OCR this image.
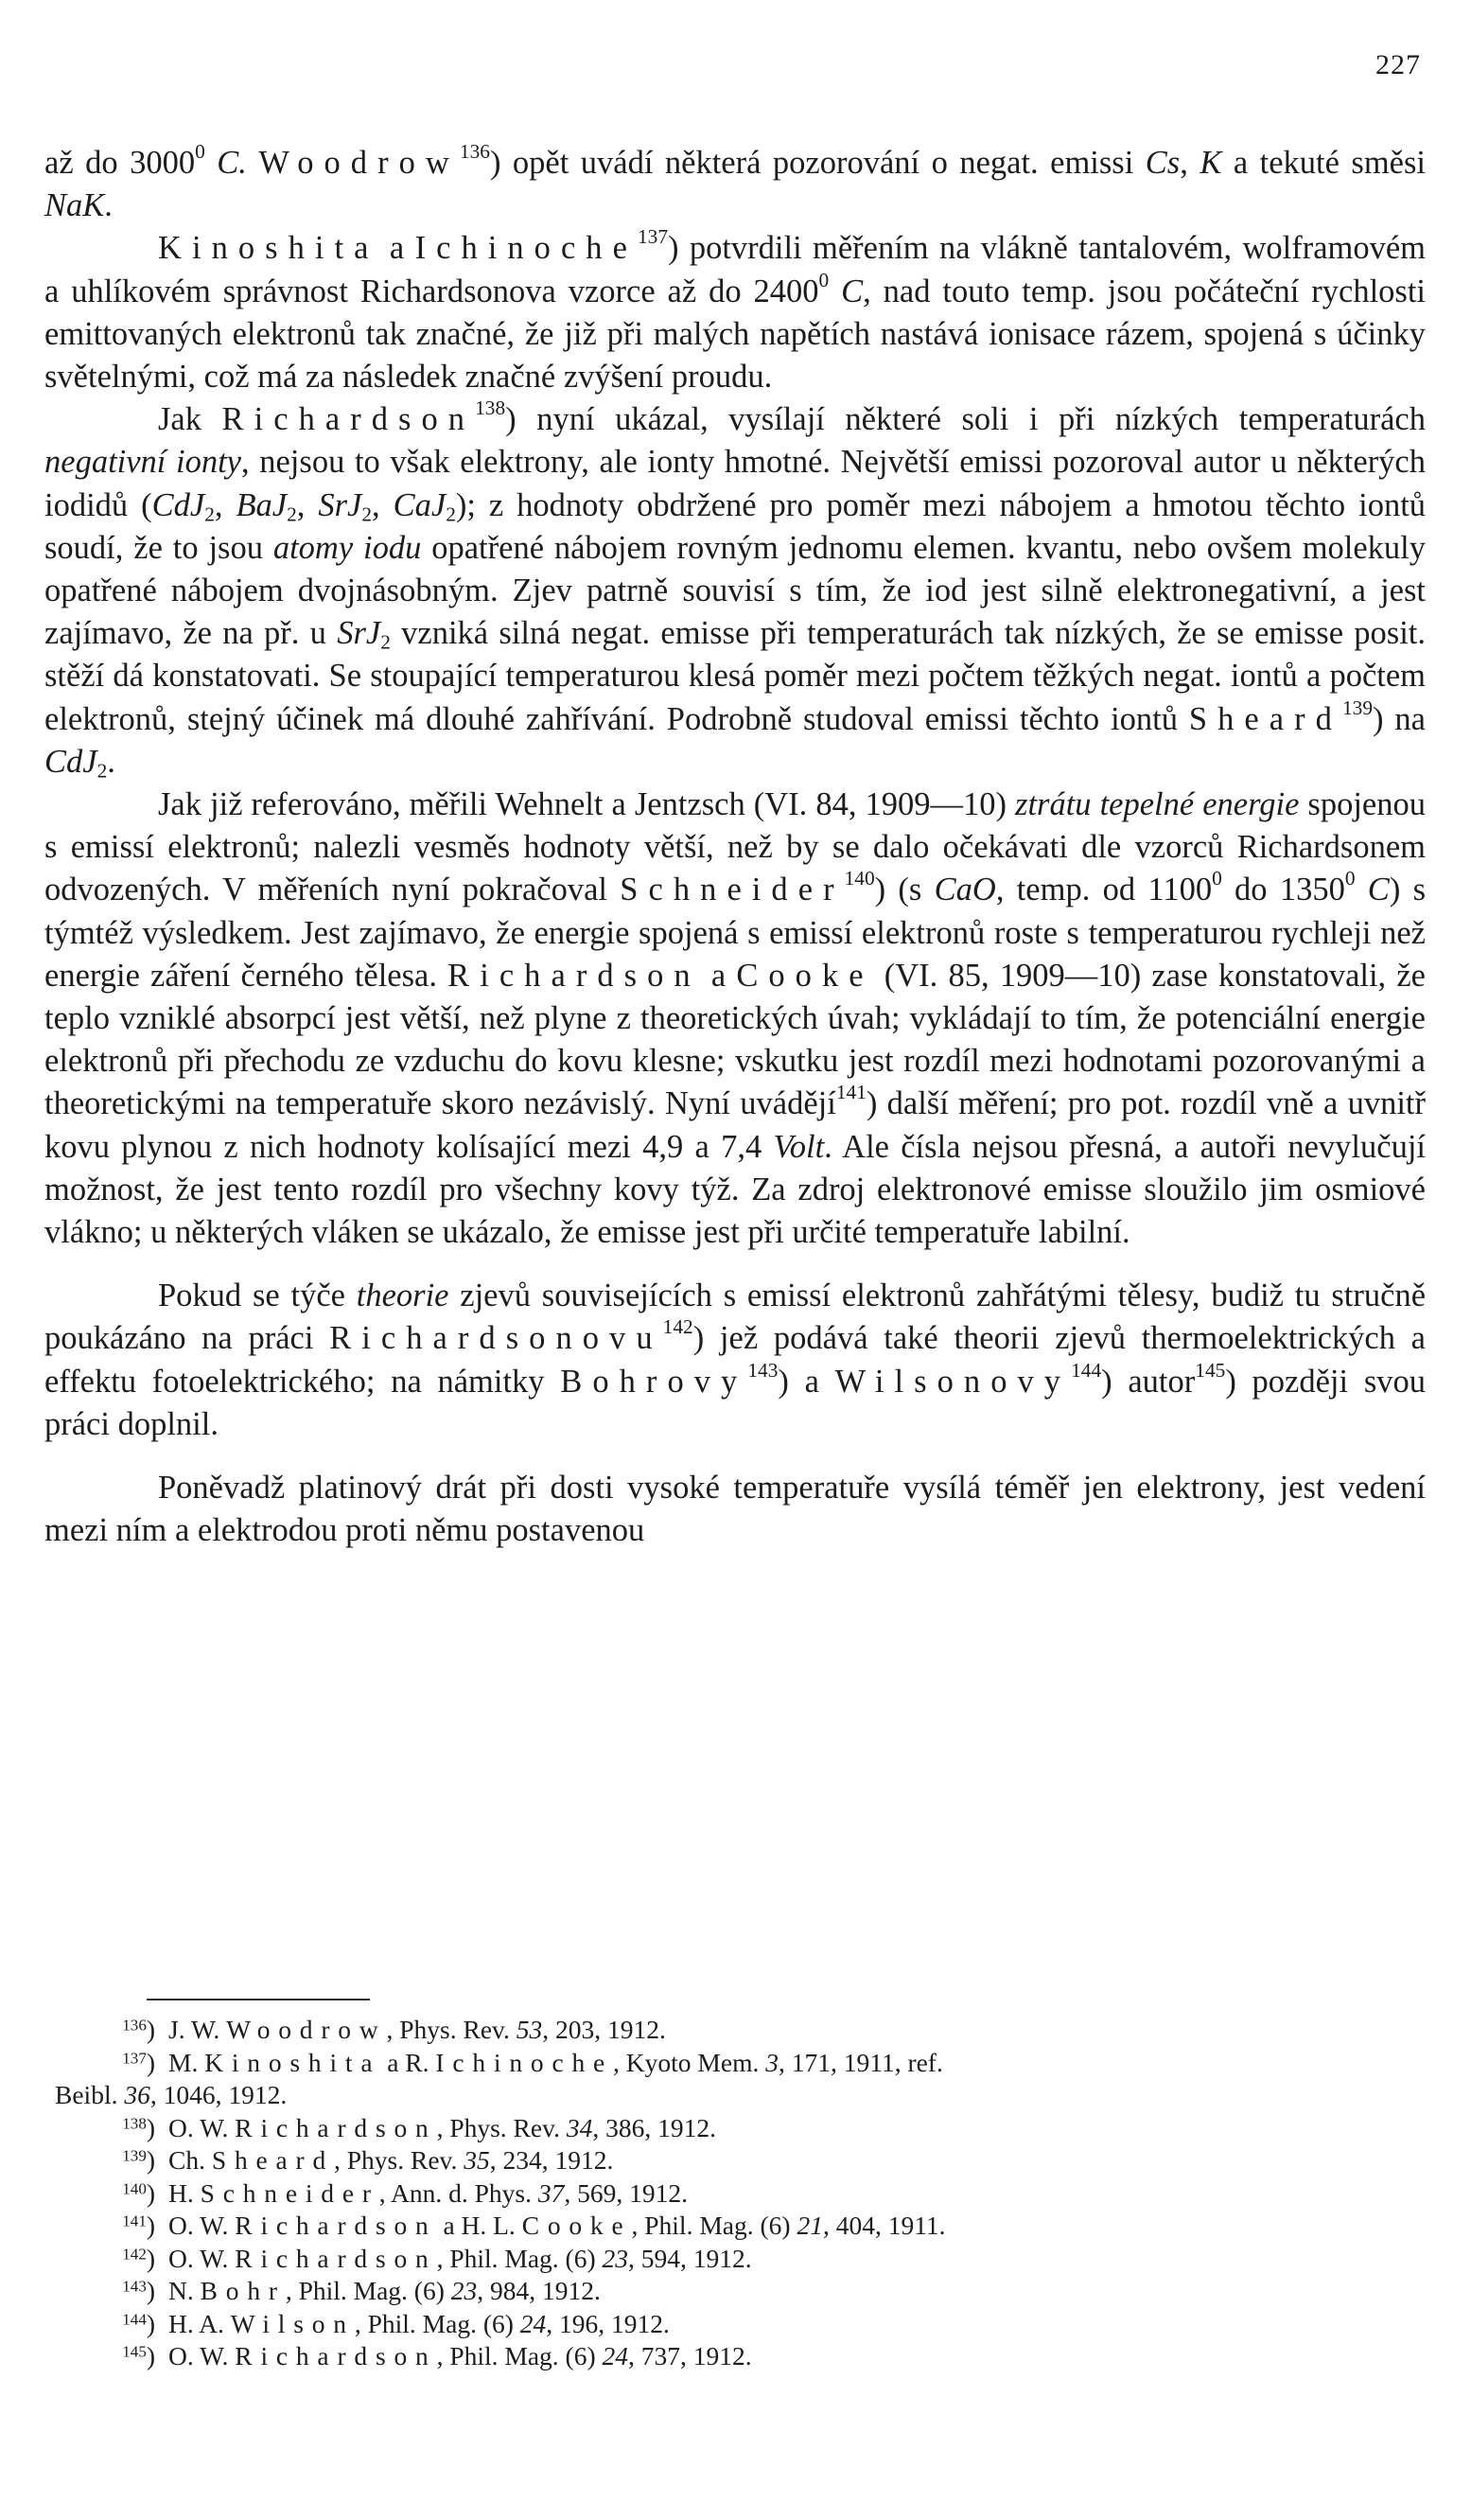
227

až do 3000$^0$ C. Woodrow$^{136}$) opět uvádí některá pozorování o negat. emissi Cs, K a tekuté směsi NaK.

Kinoshita a Ichinoche$^{137}$) potvrdili měřením na vlákně tantalovém, wolframovém a uhlíkovém správnost Richardsonova vzorce až do 2400$^0$ C, nad touto temp. jsou počáteční rychlosti emittovaných elektronů tak značné, že již při malých napětích nastává ionisace rázem, spojená s účinky světelnými, což má za následek značné zvýšení proudu.

Jak Richardson$^{138}$) nyní ukázal, vysílají některé soli i při nízkých temperaturách negativní ionty, nejsou to však elektrony, ale ionty hmotné. Největší emissi pozoroval autor u některých iodidů (CdJ$_2$, BaJ$_2$, SrJ$_2$, CaJ$_2$); z hodnoty obdržené pro poměr mezi nábojem a hmotou těchto iontů soudí, že to jsou atomy iodu opatřené nábojem rovným jednomu elemen. kvantu, nebo ovšem molekuly opatřené nábojem dvojnásobným. Zjev patrně souvisí s tím, že iod jest silně elektronegativní, a jest zajímavo, že na př. u SrJ$_2$ vzniká silná negat. emisse při temperaturách tak nízkých, že se emisse posit. stěží dá konstatovati. Se stoupající temperaturou klesá poměr mezi počtem těžkých negat. iontů a počtem elektronů, stejný účinek má dlouhé zahřívání. Podrobně studoval emissi těchto iontů Sheard$^{139}$) na CdJ$_2$.

Jak již referováno, měřili Wehnelt a Jentzsch (VI. 84, 1909—10) ztrátu tepelné energie spojenou s emissí elektronů; nalezli vesměs hodnoty větší, než by se dalo očekávati dle vzorců Richardsonem odvozených. V měřeních nyní pokračoval Schneider$^{140}$) (s CaO, temp. od 1100$^0$ do 1350$^0$ C) s týmtéž výsledkem. Jest zajímavo, že energie spojená s emissí elektronů roste s temperaturou rychleji než energie záření černého tělesa. Richardson a Cooke (VI. 85, 1909—10) zase konstatovali, že teplo vzniklé absorpcí jest větší, než plyne z theoretických úvah; vykládají to tím, že potenciální energie elektronů při přechodu ze vzduchu do kovu klesne; vskutku jest rozdíl mezi hodnotami pozorovanými a theoretickými na temperatuře skoro nezávislý. Nyní uvádějí$^{141}$) další měření; pro pot. rozdíl vně a uvnitř kovu plynou z nich hodnoty kolísající mezi 4,9 a 7,4 Volt. Ale čísla nejsou přesná, a autoři nevylučují možnost, že jest tento rozdíl pro všechny kovy týž. Za zdroj elektronové emisse sloužilo jim osmiové vlákno; u některých vláken se ukázalo, že emisse jest při určité temperatuře labilní.

Pokud se týče theorie zjevů souvisejících s emissí elektronů zahřátými tělesy, budiž tu stručně poukázáno na práci Richardsonovu$^{142}$) jež podává také theorii zjevů thermoelektrických a effektu fotoelektrického; na námitky Bohrovy$^{143}$) a Wilsonovy$^{144}$) autor$^{145}$) později svou práci doplnil.

Poněvadž platinový drát při dosti vysoké temperatuře vysílá téměř jen elektrony, jest vedení mezi ním a elektrodou proti němu postavenou

$^{136}$) J. W. Woodrow, Phys. Rev. 53, 203, 1912.

$^{137}$) M. Kinoshita a R. Ichinoche, Kyoto Mem. 3, 171, 1911, ref.
Beibl. 36, 1046, 1912.

$^{138}$) O. W. Richardson, Phys. Rev. 34, 386, 1912.

$^{139}$) Ch. Sheard, Phys. Rev. 35, 234, 1912.

$^{140}$) H. Schneider, Ann. d. Phys. 37, 569, 1912.

$^{141}$) O. W. Richardson a H. L. Cooke, Phil. Mag. (6) 21, 404, 1911.

$^{142}$) O. W. Richardson, Phil. Mag. (6) 23, 594, 1912.

$^{143}$) N. Bohr, Phil. Mag. (6) 23, 984, 1912.

$^{144}$) H. A. Wilson, Phil. Mag. (6) 24, 196, 1912.

$^{145}$) O. W. Richardson, Phil. Mag. (6) 24, 737, 1912.
